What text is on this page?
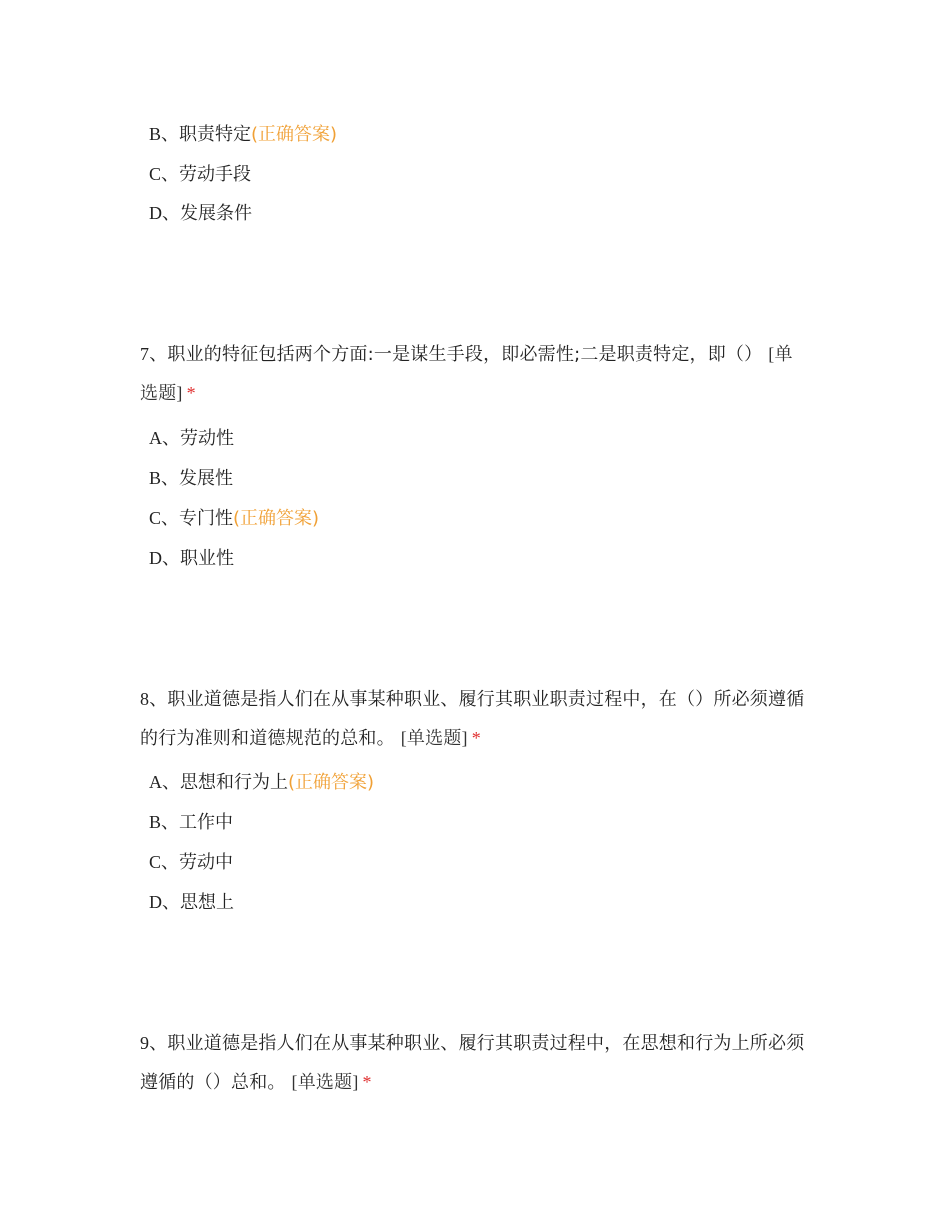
B、职责特定(正确答案)
C、劳动手段
D、发展条件
7、职业的特征包括两个方面:一是谋生手段，即必需性;二是职责特定，即（） [单选题] *
A、劳动性
B、发展性
C、专门性(正确答案)
D、职业性
8、职业道德是指人们在从事某种职业、履行其职业职责过程中，在（）所必须遵循的行为准则和道德规范的总和。 [单选题] *
A、思想和行为上(正确答案)
B、工作中
C、劳动中
D、思想上
9、职业道德是指人们在从事某种职业、履行其职责过程中，在思想和行为上所必须遵循的（）总和。 [单选题] *
